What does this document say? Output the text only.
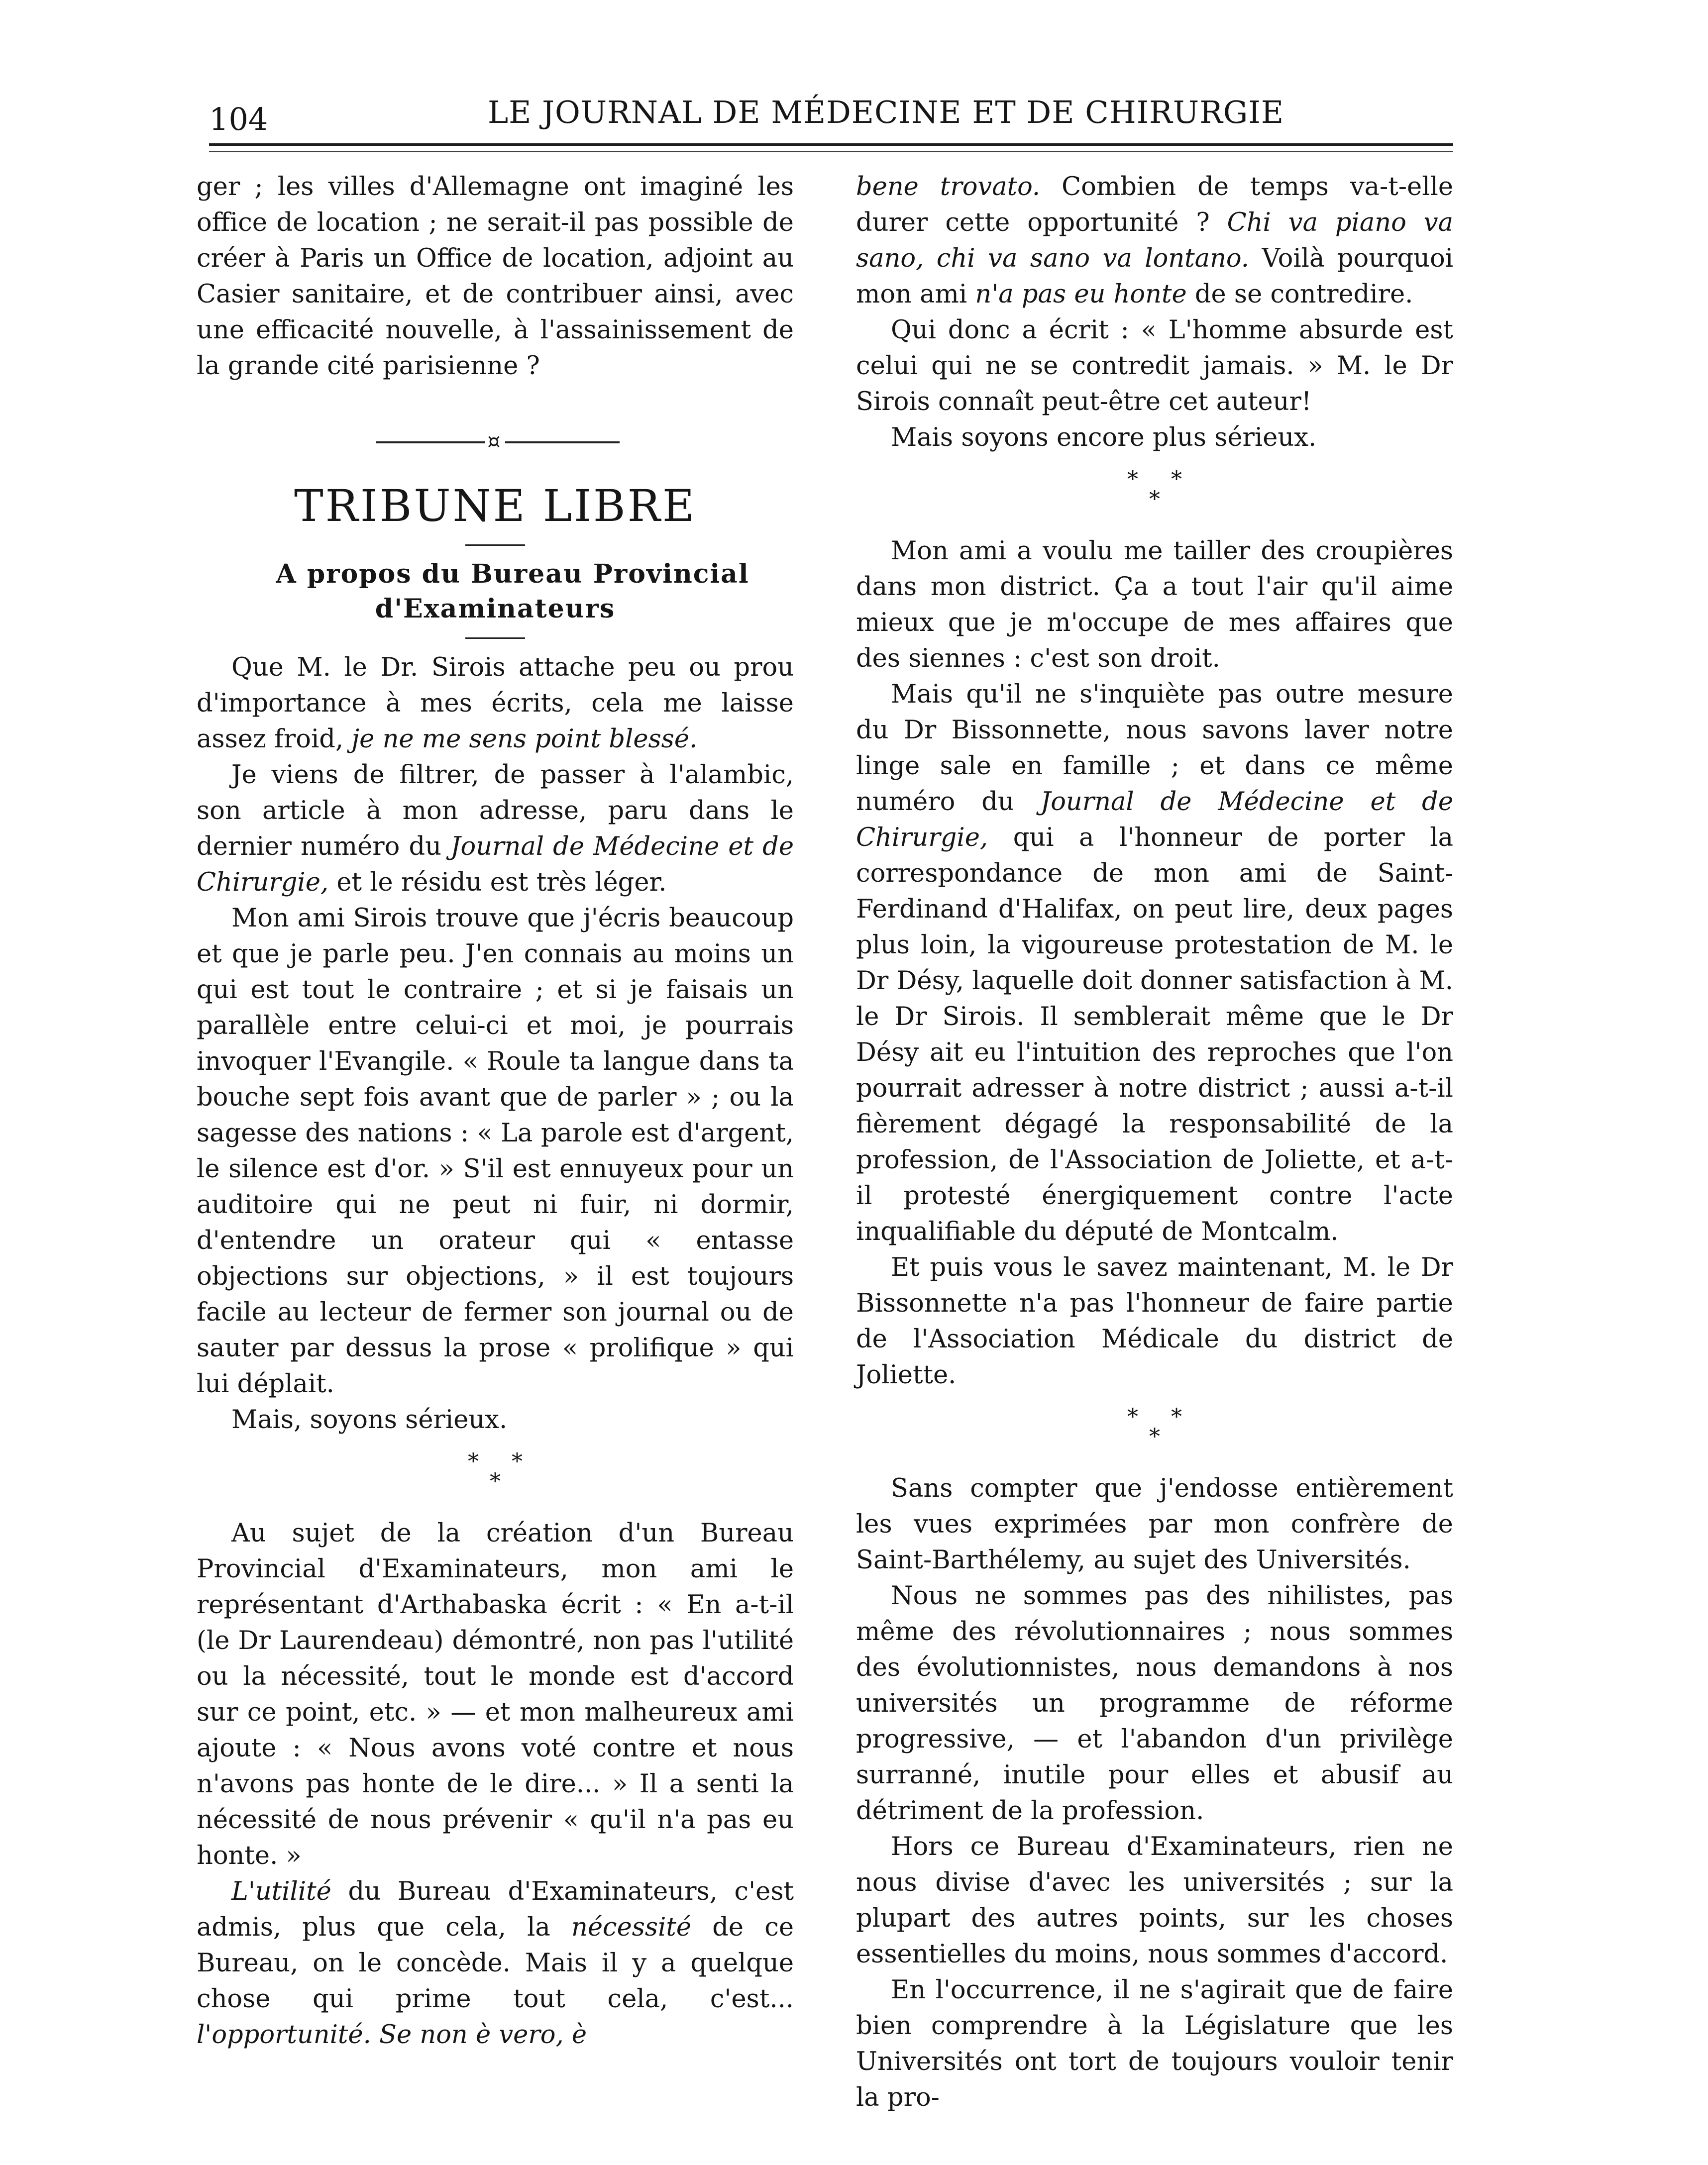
104	LE JOURNAL DE MÉDECINE ET DE CHIRURGIE

ger ; les villes d'Allemagne ont imaginé les office de location ; ne serait-il pas possible de créer à Paris un Office de location, adjoint au Casier sanitaire, et de contribuer ainsi, avec une efficacité nouvelle, à l'assainissement de la grande cité parisienne ?

¤
TRIBUNE LIBRE

A propos du Bureau Provincial
d'Examinateurs

Que M. le Dr. Sirois attache peu ou prou d'importance à mes écrits, cela me laisse assez froid, je ne me sens point blessé.

Je viens de filtrer, de passer à l'alambic, son article à mon adresse, paru dans le dernier numéro du Journal de Médecine et de Chirurgie, et le résidu est très léger.

Mon ami Sirois trouve que j'écris beaucoup et que je parle peu. J'en connais au moins un qui est tout le contraire ; et si je faisais un parallèle entre celui-ci et moi, je pourrais invoquer l'Evangile. « Roule ta langue dans ta bouche sept fois avant que de parler » ; ou la sagesse des nations : « La parole est d'argent, le silence est d'or. » S'il est ennuyeux pour un auditoire qui ne peut ni fuir, ni dormir, d'entendre un orateur qui « entasse objections sur objections, » il est toujours facile au lecteur de fermer son journal ou de sauter par dessus la prose « prolifique » qui lui déplait.

Mais, soyons sérieux.

* *
*

Au sujet de la création d'un Bureau Provincial d'Examinateurs, mon ami le représentant d'Arthabaska écrit : « En a-t-il (le Dr Laurendeau) démontré, non pas l'utilité ou la nécessité, tout le monde est d'accord sur ce point, etc. » — et mon malheureux ami ajoute : « Nous avons voté contre et nous n'avons pas honte de le dire... » Il a senti la nécessité de nous prévenir « qu'il n'a pas eu honte. »

L'utilité du Bureau d'Examinateurs, c'est admis, plus que cela, la nécessité de ce Bureau, on le concède. Mais il y a quelque chose qui prime tout cela, c'est... l'opportunité. Se non è vero, è

bene trovato. Combien de temps va-t-elle durer cette opportunité ? Chi va piano va sano, chi va sano va lontano. Voilà pourquoi mon ami n'a pas eu honte de se contredire.

Qui donc a écrit : « L'homme absurde est celui qui ne se contredit jamais. » M. le Dr Sirois connaît peut-être cet auteur!

Mais soyons encore plus sérieux.

* *
*

Mon ami a voulu me tailler des croupières dans mon district. Ça a tout l'air qu'il aime mieux que je m'occupe de mes affaires que des siennes : c'est son droit.

Mais qu'il ne s'inquiète pas outre mesure du Dr Bissonnette, nous savons laver notre linge sale en famille ; et dans ce même numéro du Journal de Médecine et de Chirurgie, qui a l'honneur de porter la correspondance de mon ami de Saint-Ferdinand d'Halifax, on peut lire, deux pages plus loin, la vigoureuse protestation de M. le Dr Désy, laquelle doit donner satisfaction à M. le Dr Sirois. Il semblerait même que le Dr Désy ait eu l'intuition des reproches que l'on pourrait adresser à notre district ; aussi a-t-il fièrement dégagé la responsabilité de la profession, de l'Association de Joliette, et a-t-il protesté énergiquement contre l'acte inqualifiable du député de Montcalm.

Et puis vous le savez maintenant, M. le Dr Bissonnette n'a pas l'honneur de faire partie de l'Association Médicale du district de Joliette.

* *
*

Sans compter que j'endosse entièrement les vues exprimées par mon confrère de Saint-Barthélemy, au sujet des Universités.

Nous ne sommes pas des nihilistes, pas même des révolutionnaires ; nous sommes des évolutionnistes, nous demandons à nos universités un programme de réforme progressive, — et l'abandon d'un privilège surranné, inutile pour elles et abusif au détriment de la profession.

Hors ce Bureau d'Examinateurs, rien ne nous divise d'avec les universités ; sur la plupart des autres points, sur les choses essentielles du moins, nous sommes d'accord.

En l'occurrence, il ne s'agirait que de faire bien comprendre à la Législature que les Universités ont tort de toujours vouloir tenir la pro-
